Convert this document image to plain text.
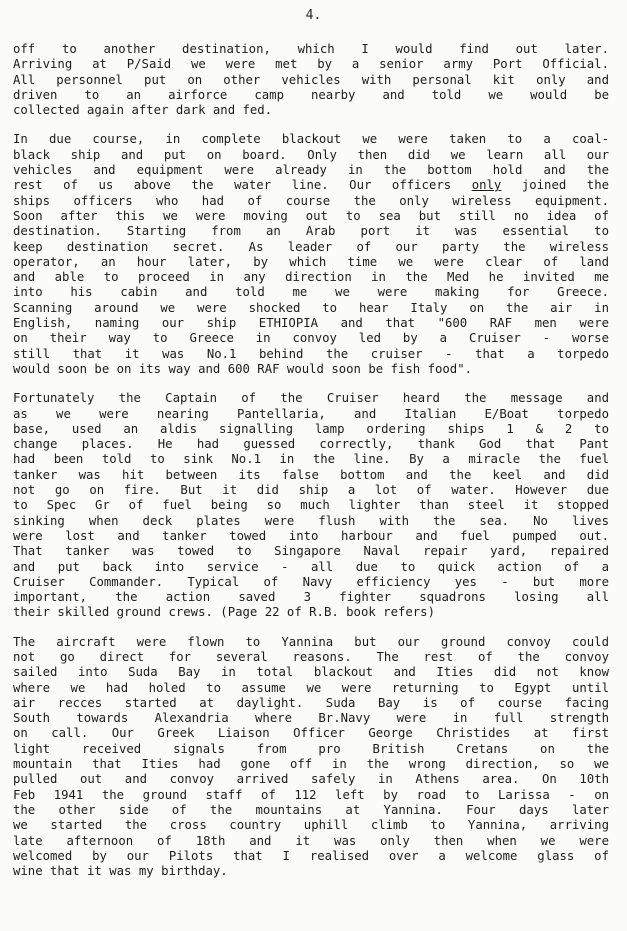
4.
off to another destination, which I would find out later.
Arriving at P/Said we were met by a senior army Port Official.
All personnel put on other vehicles with personal kit only and
driven to an airforce camp nearby and told we would be
collected again after dark and fed.
In due course, in complete blackout we were taken to a coal-
black ship and put on board. Only then did we learn all our
vehicles and equipment were already in the bottom hold and the
rest of us above the water line. Our officers only joined the
ships officers who had of course the only wireless equipment.
Soon after this we were moving out to sea but still no idea of
destination. Starting from an Arab port it was essential to
keep destination secret. As leader of our party the wireless
operator, an hour later, by which time we were clear of land
and able to proceed in any direction in the Med he invited me
into his cabin and told me we were making for Greece.
Scanning around we were shocked to hear Italy on the air in
English, naming our ship ETHIOPIA and that "600 RAF men were
on their way to Greece in convoy led by a Cruiser - worse
still that it was No.1 behind the cruiser - that a torpedo
would soon be on its way and 600 RAF would soon be fish food".
Fortunately the Captain of the Cruiser heard the message and
as we were nearing Pantellaria, and Italian E/Boat torpedo
base, used an aldis signalling lamp ordering ships 1 & 2 to
change places. He had guessed correctly, thank God that Pant
had been told to sink No.1 in the line. By a miracle the fuel
tanker was hit between its false bottom and the keel and did
not go on fire. But it did ship a lot of water. However due
to Spec Gr of fuel being so much lighter than steel it stopped
sinking when deck plates were flush with the sea. No lives
were lost and tanker towed into harbour and fuel pumped out.
That tanker was towed to Singapore Naval repair yard, repaired
and put back into service - all due to quick action of a
Cruiser Commander. Typical of Navy efficiency yes - but more
important, the action saved 3 fighter squadrons losing all
their skilled ground crews. (Page 22 of R.B. book refers)
The aircraft were flown to Yannina but our ground convoy could
not go direct for several reasons. The rest of the convoy
sailed into Suda Bay in total blackout and Ities did not know
where we had holed to assume we were returning to Egypt until
air recces started at daylight. Suda Bay is of course facing
South towards Alexandria where Br.Navy were in full strength
on call. Our Greek Liaison Officer George Christides at first
light received signals from pro British Cretans on the
mountain that Ities had gone off in the wrong direction, so we
pulled out and convoy arrived safely in Athens area. On 10th
Feb 1941 the ground staff of 112 left by road to Larissa - on
the other side of the mountains at Yannina. Four days later
we started the cross country uphill climb to Yannina, arriving
late afternoon of 18th and it was only then when we were
welcomed by our Pilots that I realised over a welcome glass of
wine that it was my birthday.
